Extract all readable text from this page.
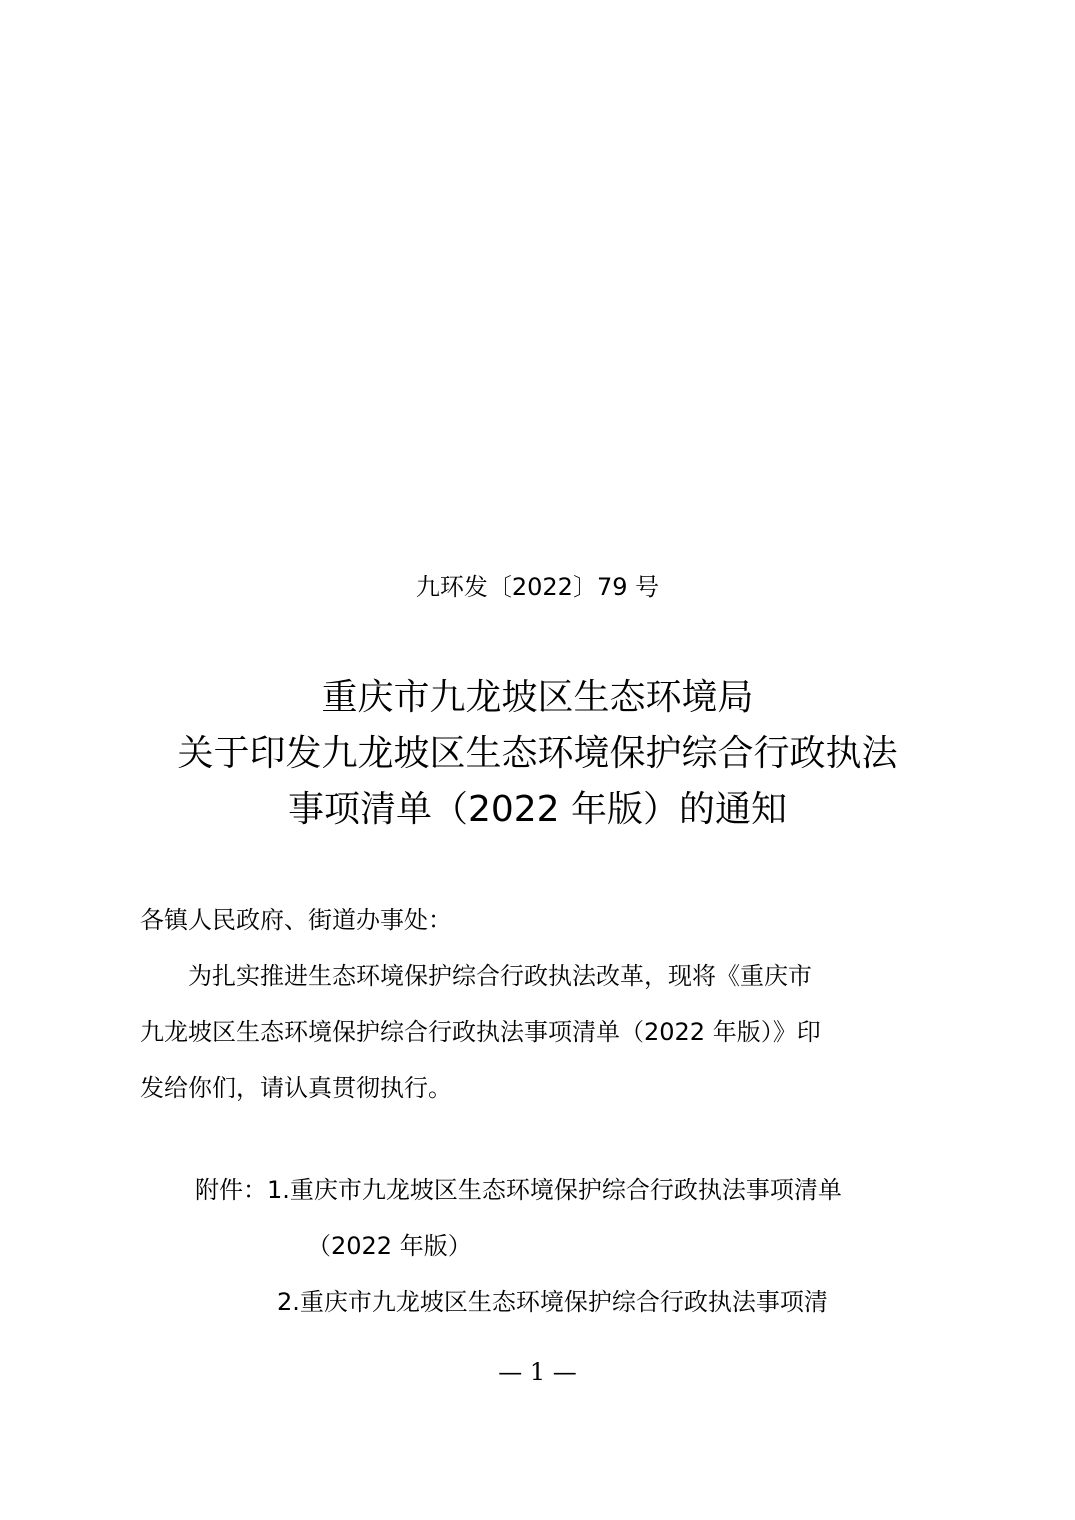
九环发〔2022〕79 号
重庆市九龙坡区生态环境局
关于印发九龙坡区生态环境保护综合行政执法
事项清单（2022 年版）的通知
各镇人民政府、街道办事处：
为扎实推进生态环境保护综合行政执法改革，现将《重庆市
九龙坡区生态环境保护综合行政执法事项清单（2022 年版）》印
发给你们，请认真贯彻执行。
附件：1.重庆市九龙坡区生态环境保护综合行政执法事项清单
（2022 年版）
2.重庆市九龙坡区生态环境保护综合行政执法事项清
— 1 —
